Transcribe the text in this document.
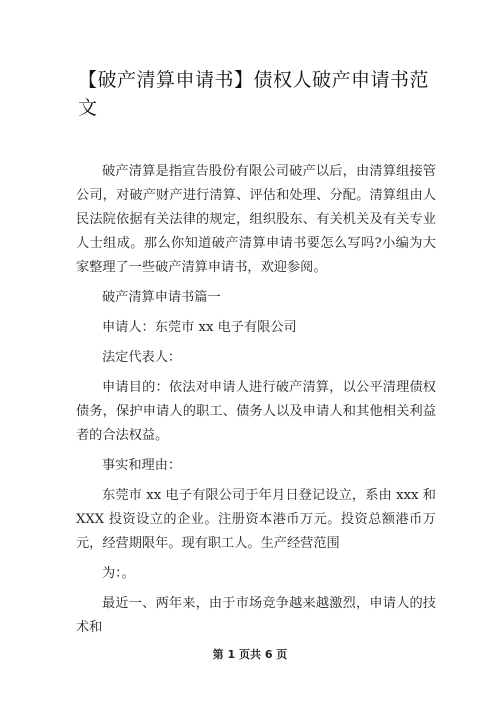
【破产清算申请书】债权人破产申请书范文

破产清算是指宣告股份有限公司破产以后，由清算组接管公司，对破产财产进行清算、评估和处理、分配。清算组由人民法院依据有关法律的规定，组织股东、有关机关及有关专业人士组成。那么你知道破产清算申请书要怎么写吗?小编为大家整理了一些破产清算申请书，欢迎参阅。

破产清算申请书篇一

申请人：东莞市 xx 电子有限公司

法定代表人：

申请目的：依法对申请人进行破产清算，以公平清理债权债务，保护申请人的职工、债务人以及申请人和其他相关利益者的合法权益。

事实和理由：

东莞市 xx 电子有限公司于年月日登记设立，系由 xxx 和 XXX 投资设立的企业。注册资本港币万元。投资总额港币万元，经营期限年。现有职工人。生产经营范围

为：。

最近一、两年来，由于市场竞争越来越激烈，申请人的技术和

第 1 页共 6 页
